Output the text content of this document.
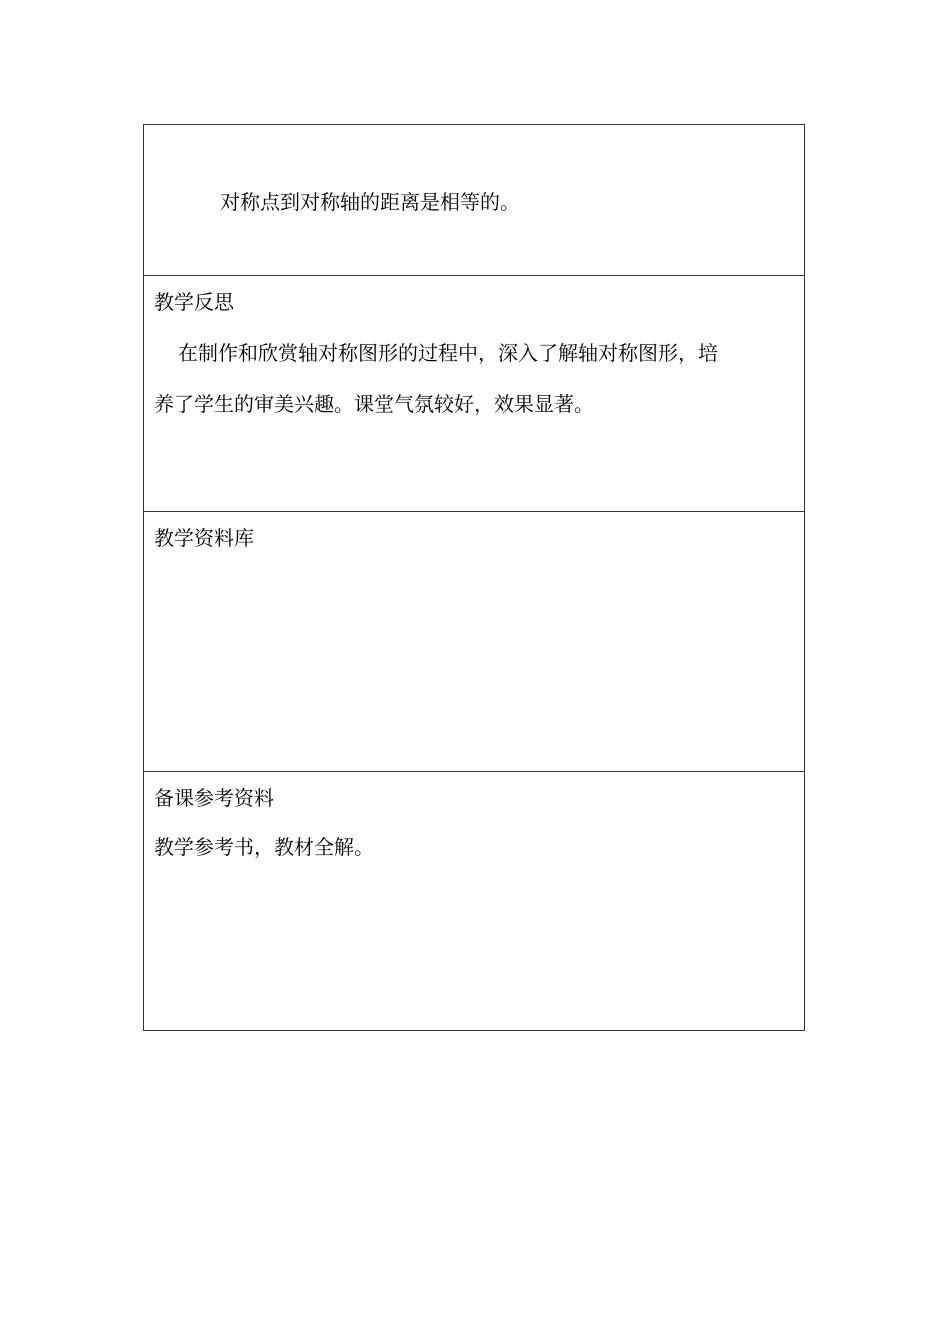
对称点到对称轴的距离是相等的。
教学反思
在制作和欣赏轴对称图形的过程中，深入了解轴对称图形，培
养了学生的审美兴趣。课堂气氛较好，效果显著。
教学资料库
备课参考资料
教学参考书，教材全解。
